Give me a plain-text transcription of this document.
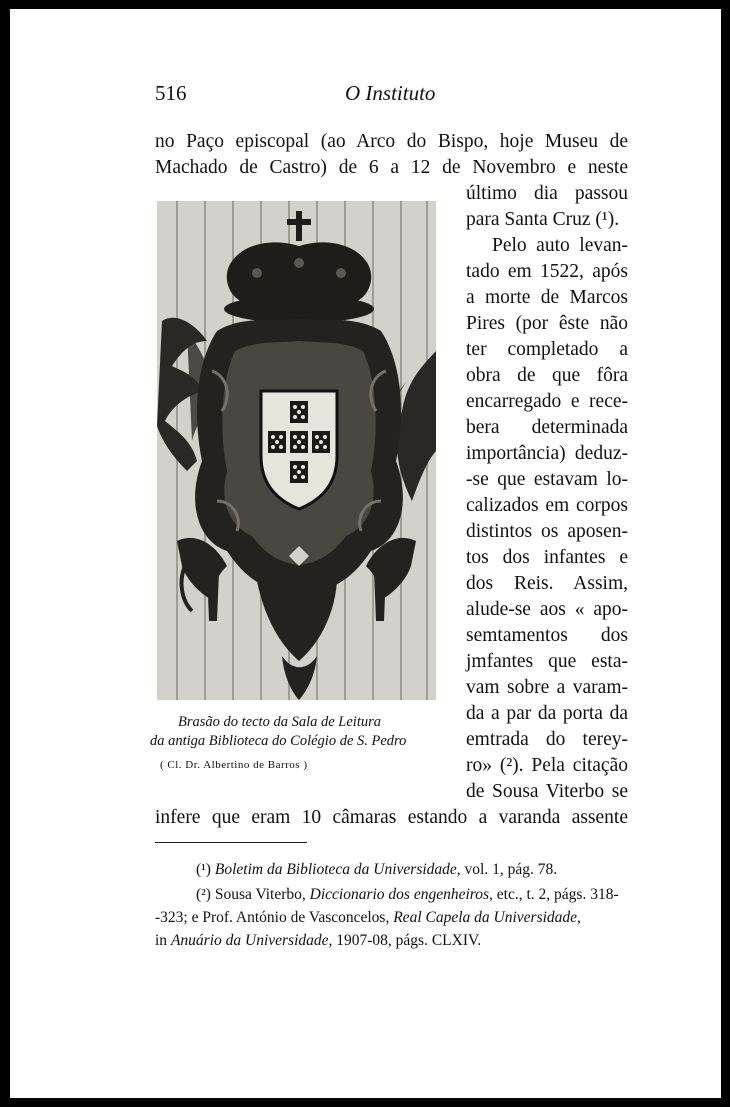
516	O Instituto
no Paço episcopal (ao Arco do Bispo, hoje Museu de
Machado de Castro) de 6 a 12 de Novembro e neste
último dia passou
para Santa Cruz (¹).
Pelo auto levan-
tado em 1522, após
a morte de Marcos
Pires (por êste não
ter completado a
obra de que fôra
encarregado e rece-
bera determinada
importância) deduz-
-se que estavam lo-
calizados em corpos
distintos os aposen-
tos dos infantes e
dos Reis. Assim,
alude-se aos « apo-
semtamentos dos
jmfantes que esta-
vam sobre a varam-
da a par da porta da
emtrada do terey-
ro» (²). Pela citação
de Sousa Viterbo se
infere que eram 10 câmaras estando a varanda assente
Brasão do tecto da Sala de Leitura
da antiga Biblioteca do Colégio de S. Pedro
( Cl. Dr. Albertino de Barros )
(¹) Boletim da Biblioteca da Universidade, vol. 1, pág. 78.
(²) Sousa Viterbo, Diccionario dos engenheiros, etc., t. 2, págs. 318-
-323; e Prof. António de Vasconcelos, Real Capela da Universidade,
in Anuário da Universidade, 1907-08, págs. CLXIV.
